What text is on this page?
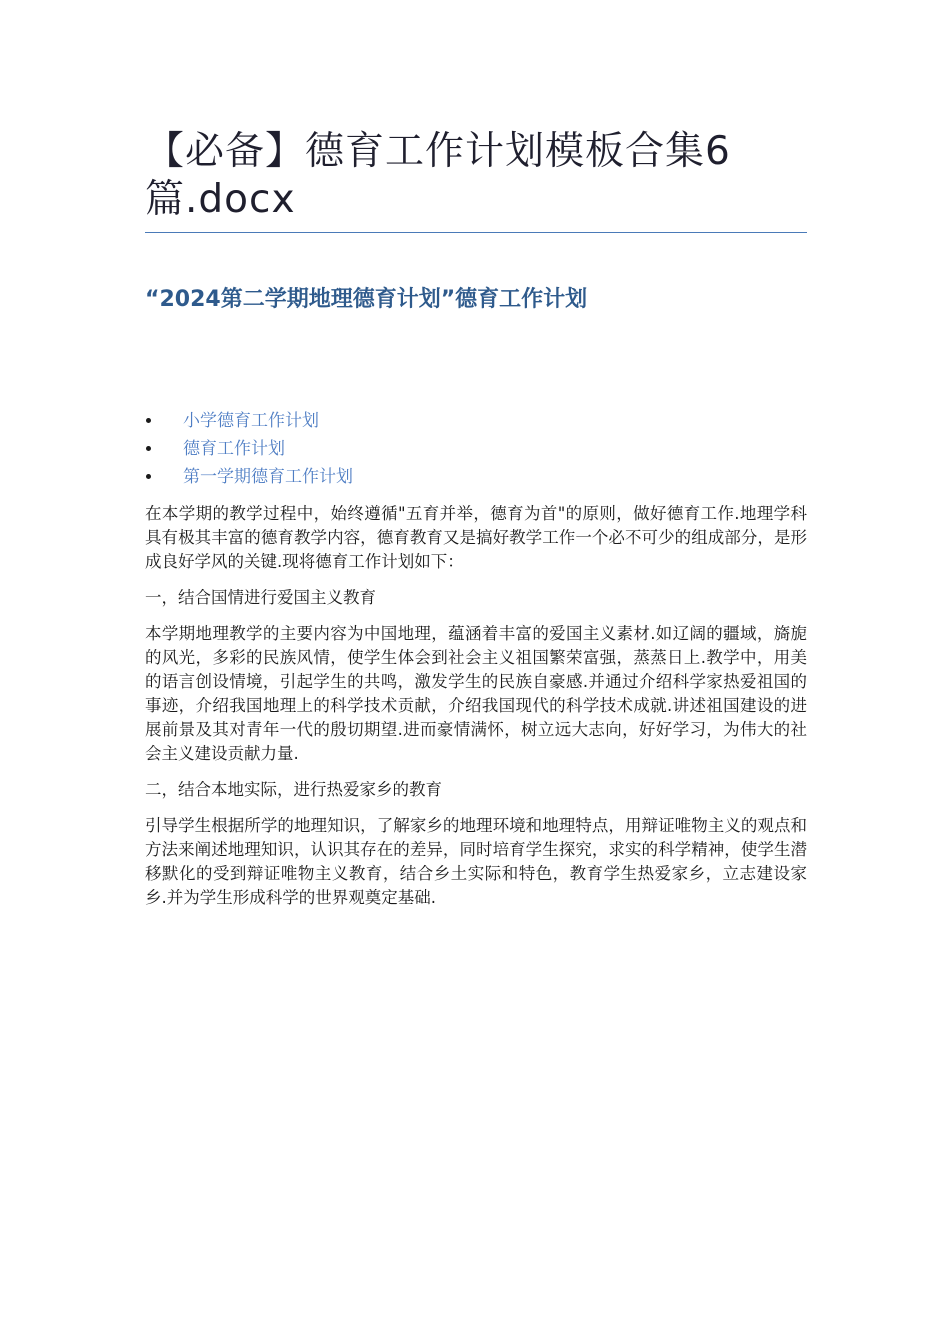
【必备】德育工作计划模板合集6篇.docx
“2024第二学期地理德育计划”德育工作计划
小学德育工作计划
德育工作计划
第一学期德育工作计划

在本学期的教学过程中，始终遵循"五育并举，德育为首"的原则，做好德育工作.地理学科具有极其丰富的德育教学内容，德育教育又是搞好教学工作一个必不可少的组成部分，是形成良好学风的关键.现将德育工作计划如下：

一，结合国情进行爱国主义教育

本学期地理教学的主要内容为中国地理，蕴涵着丰富的爱国主义素材.如辽阔的疆域，旖旎的风光，多彩的民族风情，使学生体会到社会主义祖国繁荣富强，蒸蒸日上.教学中，用美的语言创设情境，引起学生的共鸣，激发学生的民族自豪感.并通过介绍科学家热爱祖国的事迹，介绍我国地理上的科学技术贡献，介绍我国现代的科学技术成就.讲述祖国建设的进展前景及其对青年一代的殷切期望.进而豪情满怀，树立远大志向，好好学习，为伟大的社会主义建设贡献力量.

二，结合本地实际，进行热爱家乡的教育

引导学生根据所学的地理知识，了解家乡的地理环境和地理特点，用辩证唯物主义的观点和方法来阐述地理知识，认识其存在的差异，同时培育学生探究，求实的科学精神，使学生潜移默化的受到辩证唯物主义教育，结合乡土实际和特色，教育学生热爱家乡，立志建设家乡.并为学生形成科学的世界观奠定基础.
